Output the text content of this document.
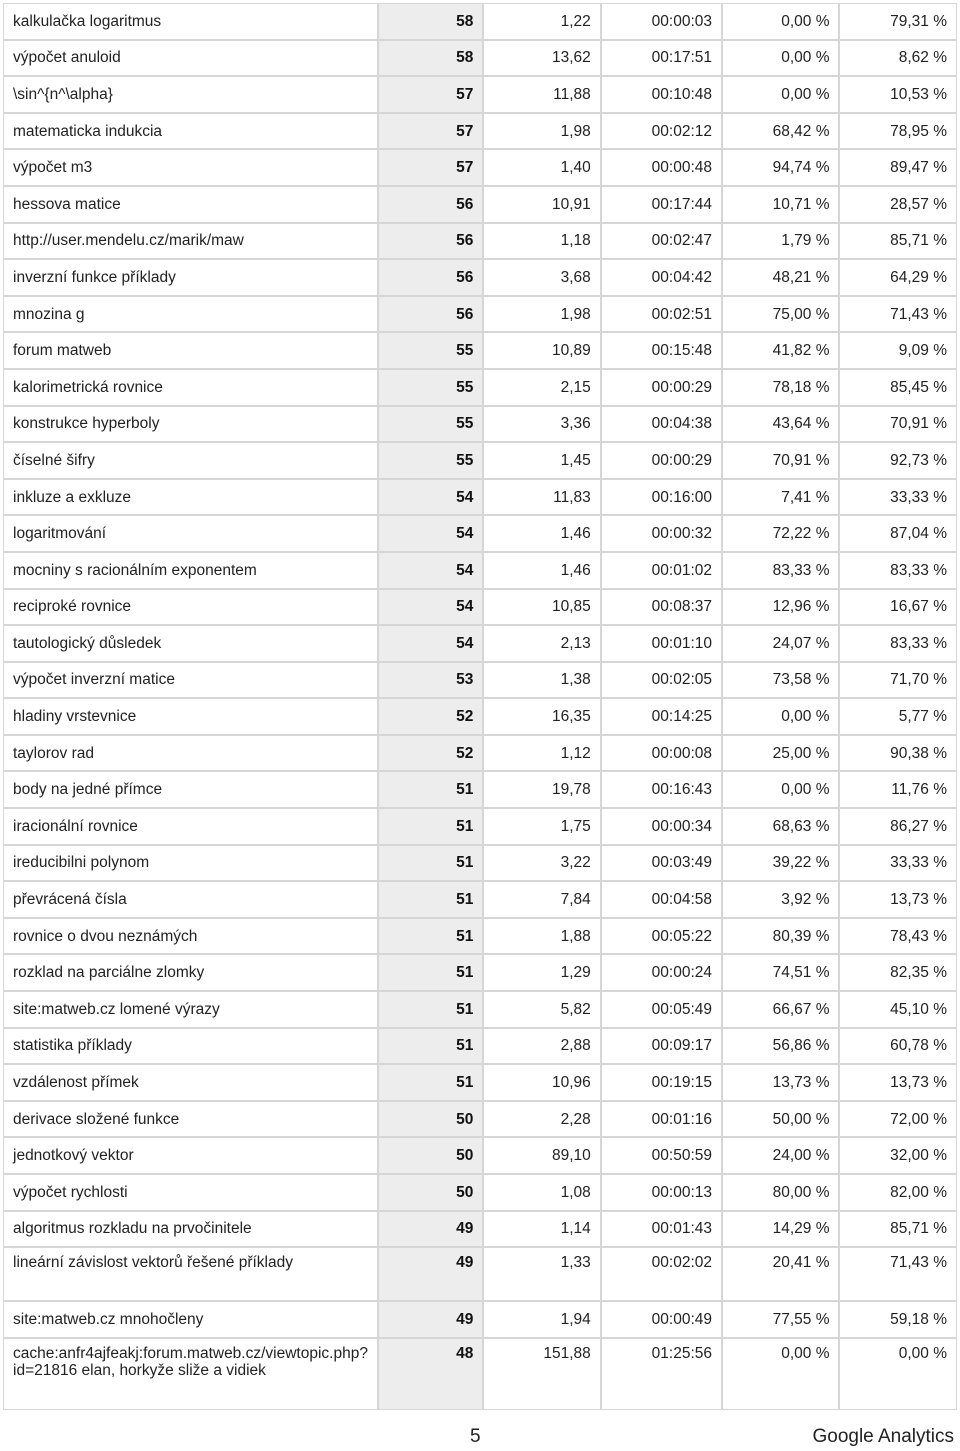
kalkulačka logaritmus	58	1,22	00:00:03	0,00 %	79,31 %
výpočet anuloid	58	13,62	00:17:51	0,00 %	8,62 %
\sin^{n^\alpha}	57	11,88	00:10:48	0,00 %	10,53 %
matematicka indukcia	57	1,98	00:02:12	68,42 %	78,95 %
výpočet m3	57	1,40	00:00:48	94,74 %	89,47 %
hessova matice	56	10,91	00:17:44	10,71 %	28,57 %
http://user.mendelu.cz/marik/maw	56	1,18	00:02:47	1,79 %	85,71 %
inverzní funkce příklady	56	3,68	00:04:42	48,21 %	64,29 %
mnozina g	56	1,98	00:02:51	75,00 %	71,43 %
forum matweb	55	10,89	00:15:48	41,82 %	9,09 %
kalorimetrická rovnice	55	2,15	00:00:29	78,18 %	85,45 %
konstrukce hyperboly	55	3,36	00:04:38	43,64 %	70,91 %
číselné šifry	55	1,45	00:00:29	70,91 %	92,73 %
inkluze a exkluze	54	11,83	00:16:00	7,41 %	33,33 %
logaritmování	54	1,46	00:00:32	72,22 %	87,04 %
mocniny s racionálním exponentem	54	1,46	00:01:02	83,33 %	83,33 %
reciproké rovnice	54	10,85	00:08:37	12,96 %	16,67 %
tautologický důsledek	54	2,13	00:01:10	24,07 %	83,33 %
výpočet inverzní matice	53	1,38	00:02:05	73,58 %	71,70 %
hladiny vrstevnice	52	16,35	00:14:25	0,00 %	5,77 %
taylorov rad	52	1,12	00:00:08	25,00 %	90,38 %
body na jedné přímce	51	19,78	00:16:43	0,00 %	11,76 %
iracionální rovnice	51	1,75	00:00:34	68,63 %	86,27 %
ireducibilni polynom	51	3,22	00:03:49	39,22 %	33,33 %
převrácená čísla	51	7,84	00:04:58	3,92 %	13,73 %
rovnice o dvou neznámých	51	1,88	00:05:22	80,39 %	78,43 %
rozklad na parciálne zlomky	51	1,29	00:00:24	74,51 %	82,35 %
site:matweb.cz lomené výrazy	51	5,82	00:05:49	66,67 %	45,10 %
statistika příklady	51	2,88	00:09:17	56,86 %	60,78 %
vzdálenost přímek	51	10,96	00:19:15	13,73 %	13,73 %
derivace složené funkce	50	2,28	00:01:16	50,00 %	72,00 %
jednotkový vektor	50	89,10	00:50:59	24,00 %	32,00 %
výpočet rychlosti	50	1,08	00:00:13	80,00 %	82,00 %
algoritmus rozkladu na prvočinitele	49	1,14	00:01:43	14,29 %	85,71 %
lineární závislost vektorů řešené příklady	49	1,33	00:02:02	20,41 %	71,43 %
site:matweb.cz mnohočleny	49	1,94	00:00:49	77,55 %	59,18 %
cache:anfr4ajfeakj:forum.matweb.cz/viewtopic.php?id=21816 elan, horkyže sliže a vidiek	48	151,88	01:25:56	0,00 %	0,00 %
5	Google Analytics
